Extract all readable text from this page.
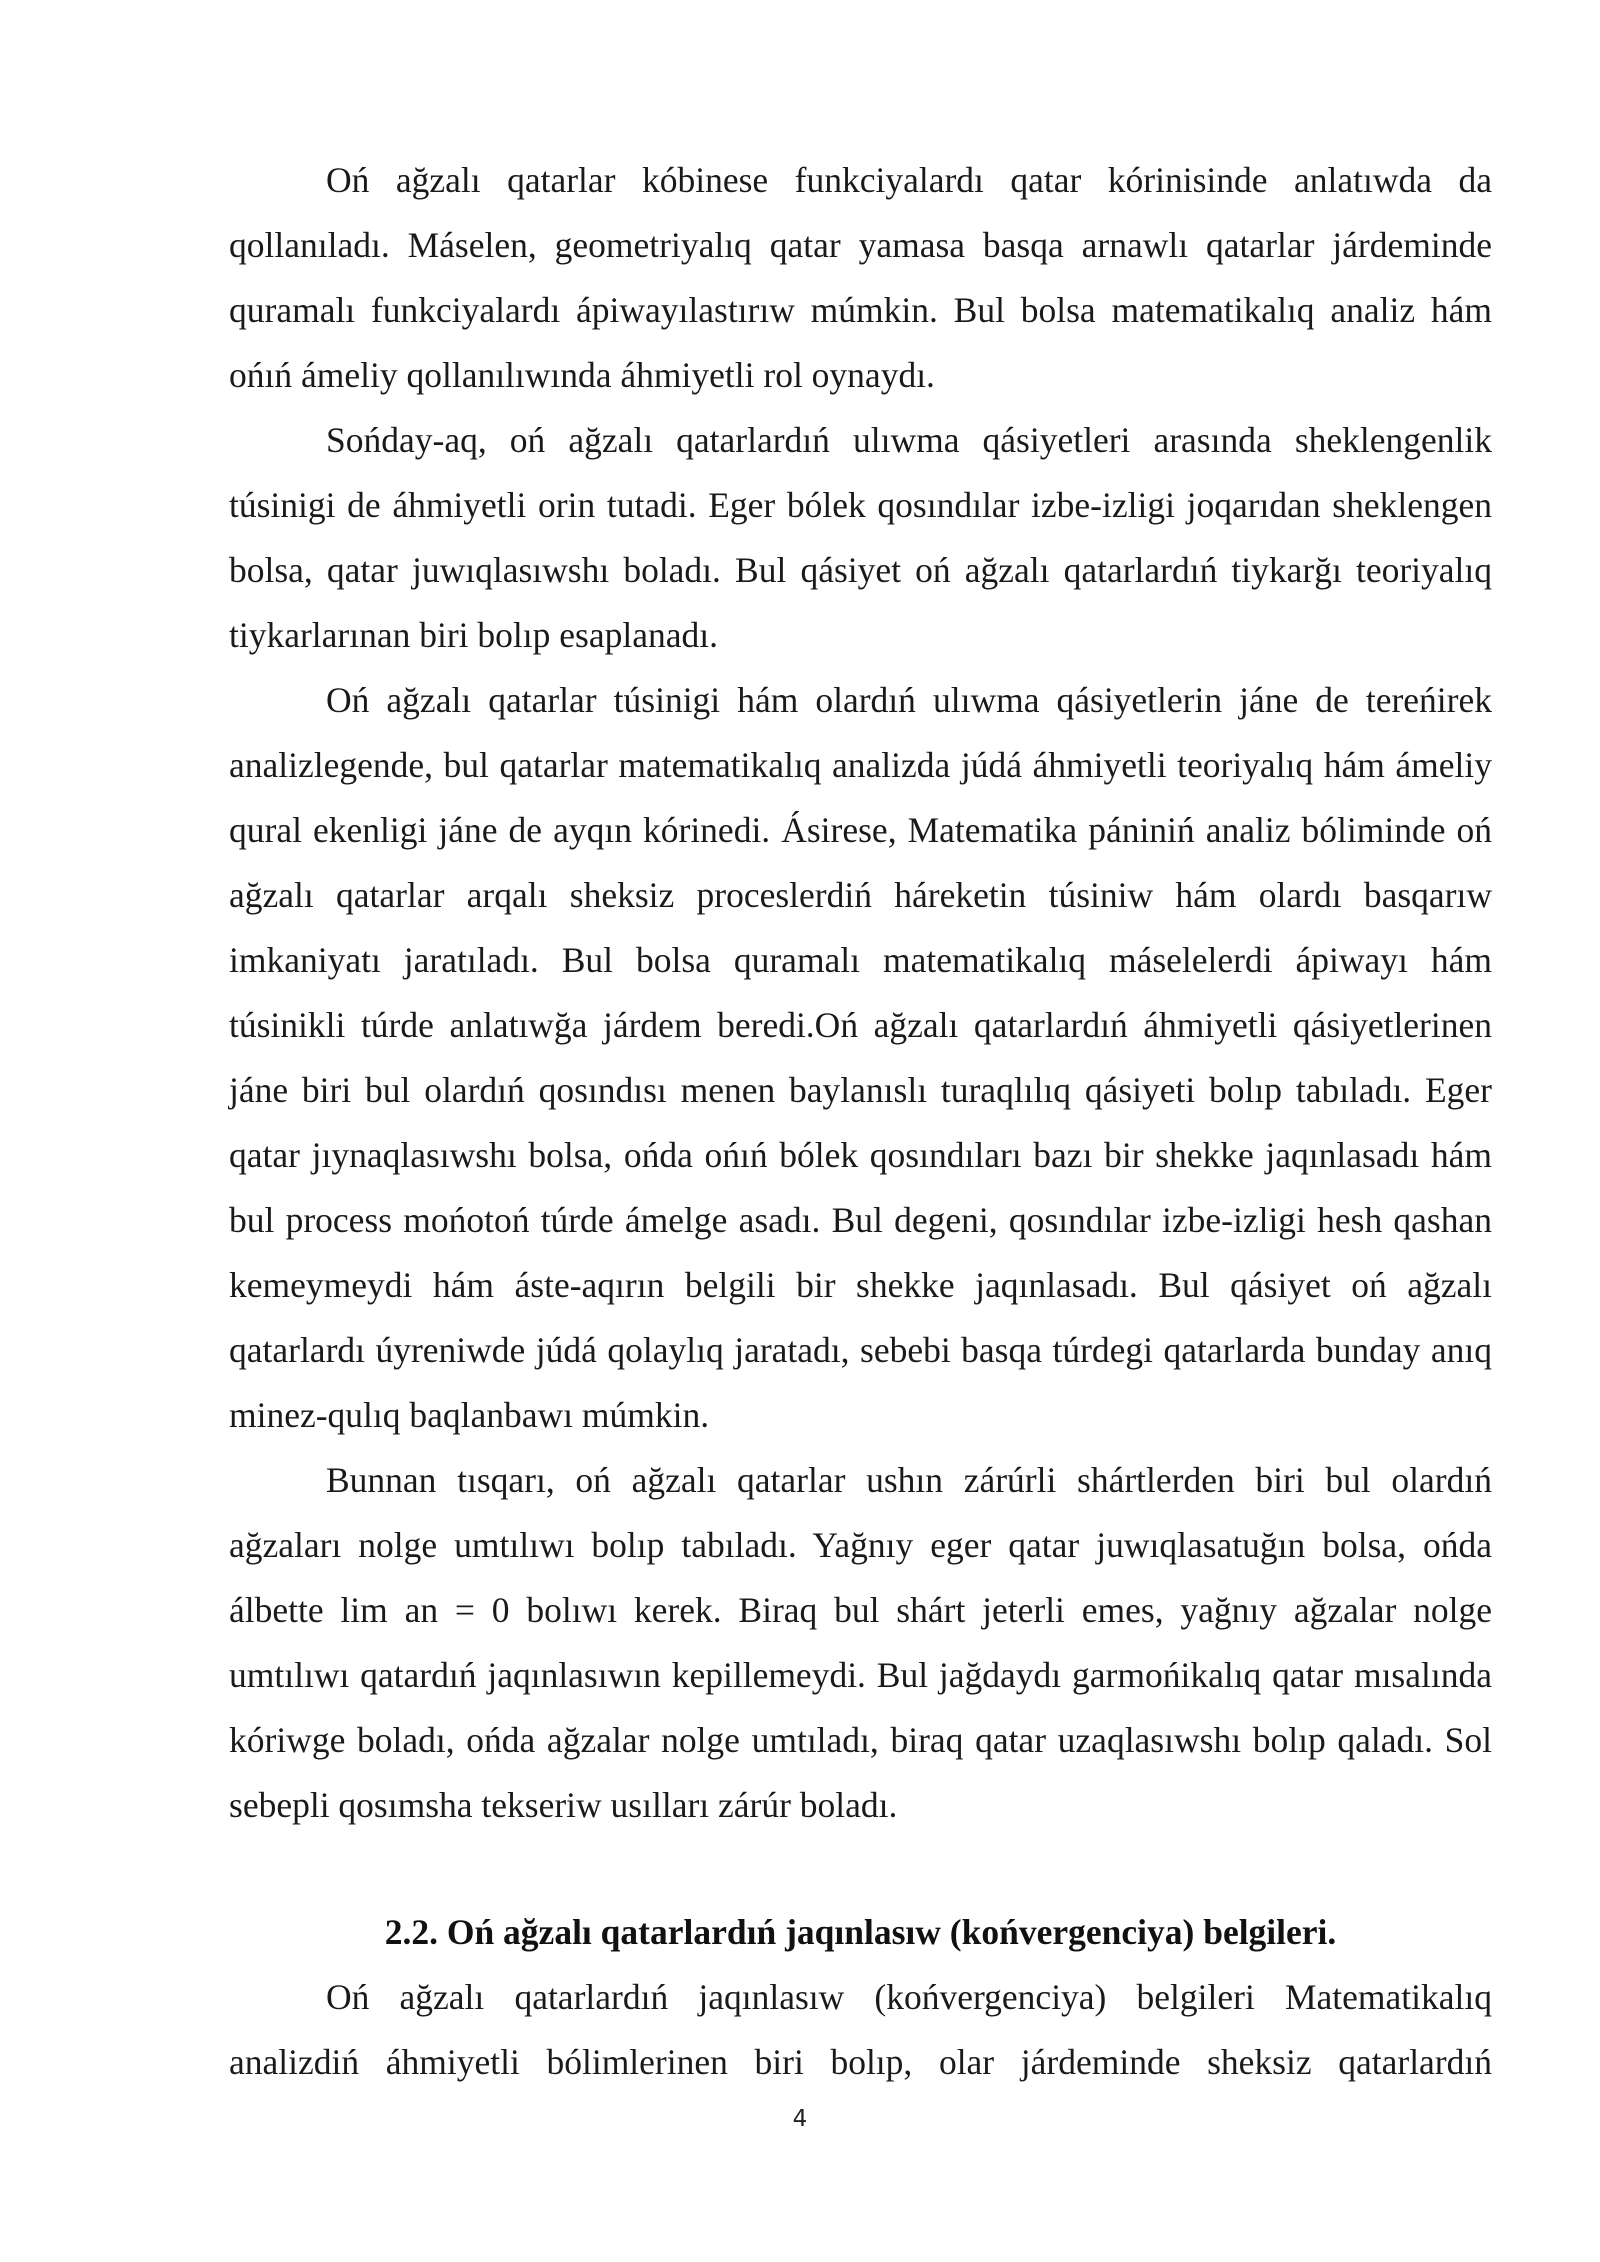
Oń ağzalı qatarlar kóbinese funkciyalardı qatar kórinisinde anlatıwda da qollanıladı. Máselen, geometriyalıq qatar yamasa basqa arnawlı qatarlar járdeminde quramalı funkciyalardı ápiwayılastırıw múmkin. Bul bolsa matematikalıq analiz hám ońıń ámeliy qollanılıwında áhmiyetli rol oynaydı.

Sońday-aq, oń ağzalı qatarlardıń ulıwma qásiyetleri arasında sheklengenlik túsinigi de áhmiyetli orin tutadi. Eger bólek qosındılar izbe-izligi joqarıdan sheklengen bolsa, qatar juwıqlasıwshı boladı. Bul qásiyet oń ağzalı qatarlardıń tiykarğı teoriyalıq tiykarlarınan biri bolıp esaplanadı.

Oń ağzalı qatarlar túsinigi hám olardıń ulıwma qásiyetlerin jáne de tereńirek analizlegende, bul qatarlar matematikalıq analizda júdá áhmiyetli teoriyalıq hám ámeliy qural ekenligi jáne de ayqın kórinedi. Ásirese, Matematika pániniń analiz bóliminde oń ağzalı qatarlar arqalı sheksiz proceslerdiń háreketin túsiniw hám olardı basqarıw imkaniyatı jaratıladı. Bul bolsa quramalı matematikalıq máselelerdi ápiwayı hám túsinikli túrde anlatıwğa járdem beredi.Oń ağzalı qatarlardıń áhmiyetli qásiyetlerinen jáne biri bul olardıń qosındısı menen baylanıslı turaqlılıq qásiyeti bolıp tabıladı. Eger qatar jıynaqlasıwshı bolsa, ońda ońıń bólek qosındıları bazı bir shekke jaqınlasadı hám bul process mońotoń túrde ámelge asadı. Bul degeni, qosındılar izbe-izligi hesh qashan kemeymeydi hám áste-aqırın belgili bir shekke jaqınlasadı. Bul qásiyet oń ağzalı qatarlardı úyreniwde júdá qolaylıq jaratadı, sebebi basqa túrdegi qatarlarda bunday anıq minez-qulıq baqlanbawı múmkin.

Bunnan tısqarı, oń ağzalı qatarlar ushın zárúrli shártlerden biri bul olardıń ağzaları nolge umtılıwı bolıp tabıladı. Yağnıy eger qatar juwıqlasatuğın bolsa, ońda álbette lim an = 0 bolıwı kerek. Biraq bul shárt jeterli emes, yağnıy ağzalar nolge umtılıwı qatardıń jaqınlasıwın kepillemeydi. Bul jağdaydı garmońikalıq qatar mısalında kóriwge boladı, ońda ağzalar nolge umtıladı, biraq qatar uzaqlasıwshı bolıp qaladı. Sol sebepli qosımsha tekseriw usılları zárúr boladı.

2.2. Oń ağzalı qatarlardıń jaqınlasıw (końvergenciya) belgileri.

Oń ağzalı qatarlardıń jaqınlasıw (końvergenciya) belgileri Matematikalıq analizdiń áhmiyetli bólimlerinen biri bolıp, olar járdeminde sheksiz qatarlardıń

4
